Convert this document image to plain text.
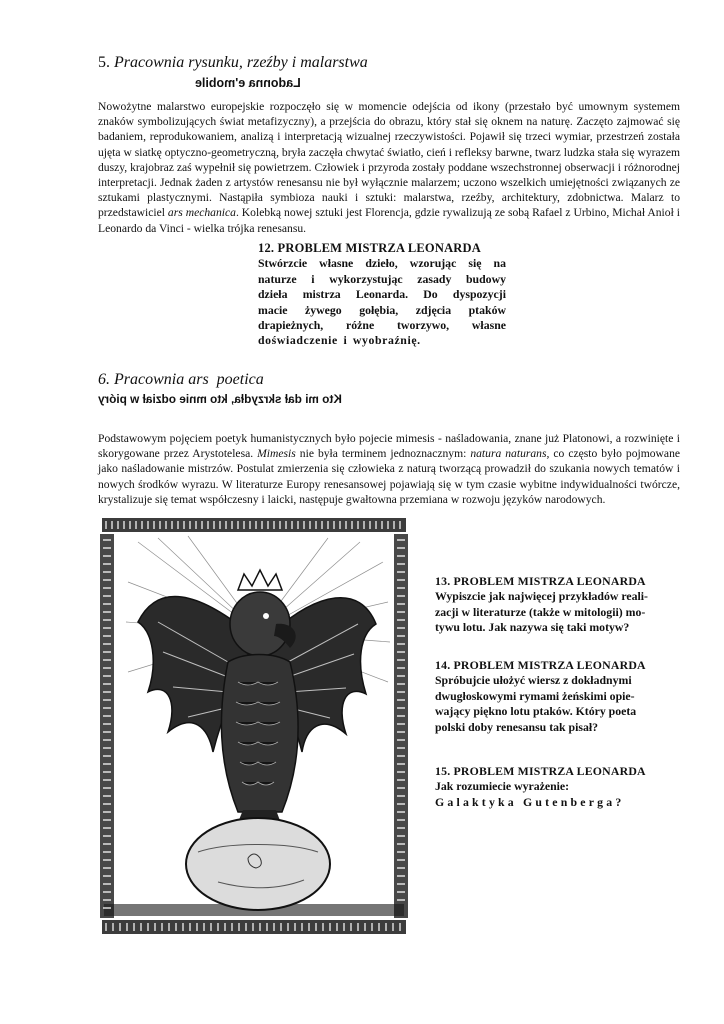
5. Pracownia rysunku, rzeźby i malarstwa
Ladonna e'mobile

Nowożytne malarstwo europejskie rozpoczęło się w momencie odejścia od ikony (przestało być umownym systemem znaków symbolizujących świat metafizyczny), a przejścia do obrazu, który stał się oknem na naturę. Zaczęto zajmować się badaniem, reprodukowaniem, analizą i interpretacją wizualnej rzeczywistości. Pojawił się trzeci wymiar, przestrzeń została ujęta w siatkę optyczno-geometryczną, bryła zaczęła chwytać światło, cień i refleksy barwne, twarz ludzka stała się wyrazem duszy, krajobraz zaś wypełnił się powietrzem. Człowiek i przyroda zostały poddane wszechstronnej obserwacji i różnorodnej interpretacji. Jednak żaden z artystów renesansu nie był wyłącznie malarzem; uczono wszelkich umiejętności związanych ze sztukami plastycznymi. Nastąpiła symbioza nauki i sztuki: malarstwa, rzeźby, architektury, zdobnictwa. Malarz to przedstawiciel ars mechanica. Kolebką nowej sztuki jest Florencja, gdzie rywalizują ze sobą Rafael z Urbino, Michał Anioł i Leonardo da Vinci - wielka trójka renesansu.

12. PROBLEM MISTRZA LEONARDA
Stwórzcie własne dzieło, wzorując się na
naturze i wykorzystując zasady budowy
dzieła mistrza Leonarda. Do dyspozycji
macie żywego gołębia, zdjęcia ptaków
drapieżnych, różne tworzywo, własne
doświadczenie i wyobraźnię.
6. Pracownia ars  poetica
Kto mi dał skrzydła, kto mnie odział w pióry

Podstawowym pojęciem poetyk humanistycznych było pojecie mimesis - naśladowania, znane już Platonowi, a rozwinięte i skorygowane przez Arystotelesa. Mimesis nie była terminem jednoznacznym: natura naturans, co często było pojmowane jako naśladowanie mistrzów. Postulat zmierzenia się człowieka z naturą tworzącą prowadził do szukania nowych tematów i nowych środków wyrazu. W literaturze Europy renesansowej pojawiają się w tym czasie wybitne indywidualności twórcze, krystalizuje się temat współczesny i laicki, następuje gwałtowna przemiana w rozwoju języków narodowych.

13. PROBLEM MISTRZA LEONARDA
Wypiszcie jak najwięcej przykładów reali-
zacji w literaturze (także w mitologii) mo-
tywu lotu. Jak nazywa się taki motyw?
14. PROBLEM MISTRZA LEONARDA
Spróbujcie ułożyć wiersz z dokładnymi
dwugłoskowymi rymami żeńskimi opie-
wający piękno lotu ptaków. Który poeta
polski doby renesansu tak pisał?
15. PROBLEM MISTRZA LEONARDA
Jak rozumiecie wyrażenie:
Galaktyka Gutenberga?
